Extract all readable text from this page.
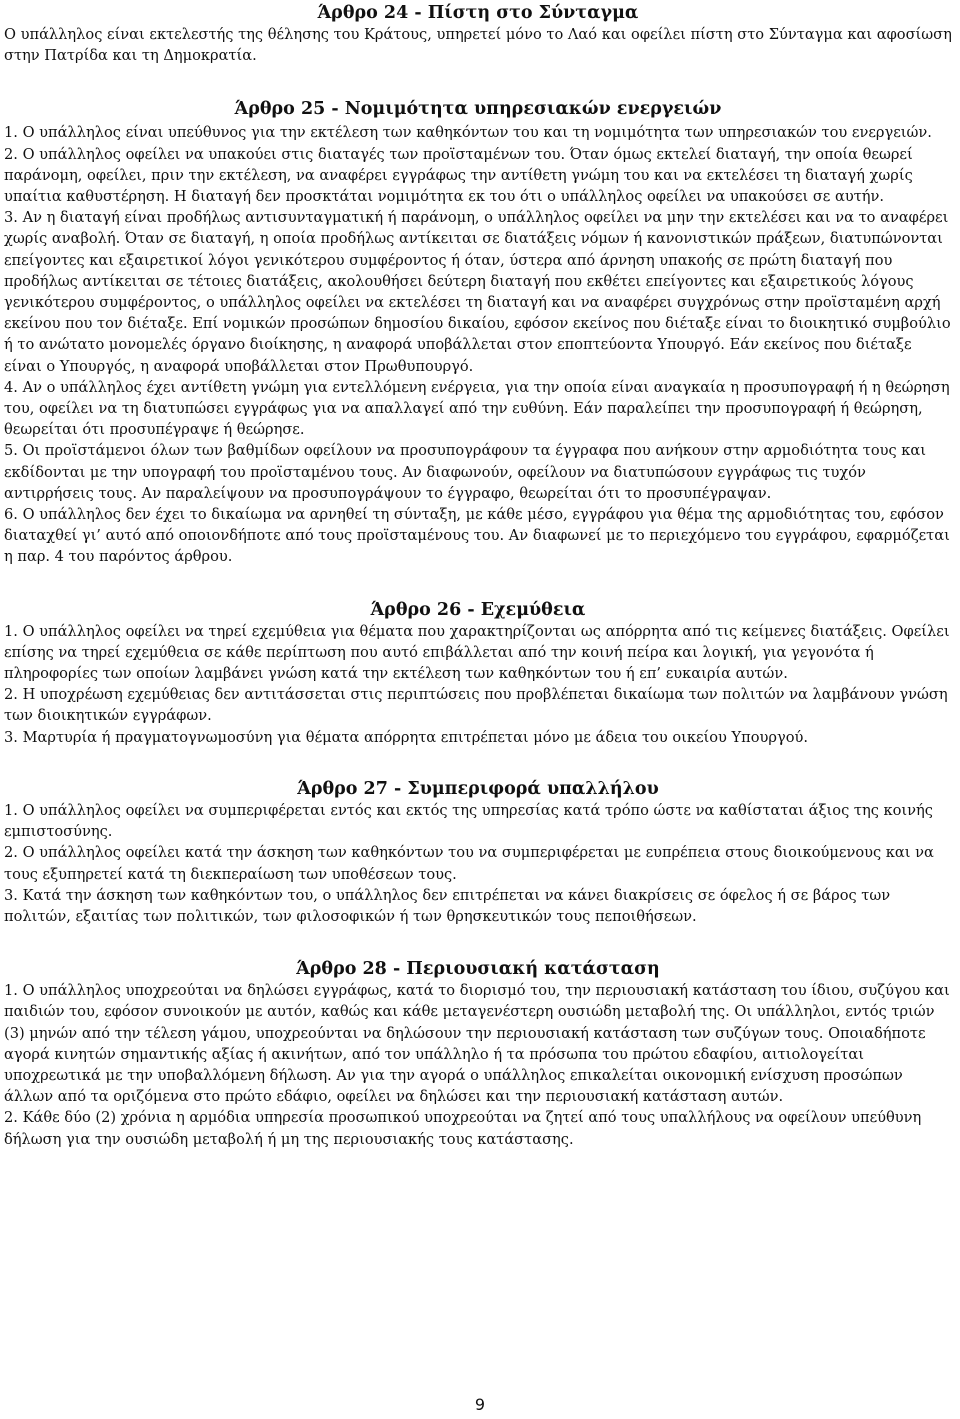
Άρθρο 24 - Πίστη στο Σύνταγμα

Ο υπάλληλος είναι εκτελεστής της θέλησης του Κράτους, υπηρετεί μόνο το Λαό και οφείλει πίστη στο Σύνταγμα και αφοσίωση στην Πατρίδα και τη Δημοκρατία.

Άρθρο 25 - Νομιμότητα υπηρεσιακών ενεργειών

1. Ο υπάλληλος είναι υπεύθυνος για την εκτέλεση των καθηκόντων του και τη νομιμότητα των υπηρεσιακών του ενεργειών.

2. Ο υπάλληλος οφείλει να υπακούει στις διαταγές των προϊσταμένων του. Όταν όμως εκτελεί διαταγή, την οποία θεωρεί παράνομη, οφείλει, πριν την εκτέλεση, να αναφέρει εγγράφως την αντίθετη γνώμη του και να εκτελέσει τη διαταγή χωρίς υπαίτια καθυστέρηση. Η διαταγή δεν προσκτάται νομιμότητα εκ του ότι ο υπάλληλος οφείλει να υπακούσει σε αυτήν.

3. Αν η διαταγή είναι προδήλως αντισυνταγματική ή παράνομη, ο υπάλληλος οφείλει να μην την εκτελέσει και να το αναφέρει χωρίς αναβολή. Όταν σε διαταγή, η οποία προδήλως αντίκειται σε διατάξεις νόμων ή κανονιστικών πράξεων, διατυπώνονται επείγοντες και εξαιρετικοί λόγοι γενικότερου συμφέροντος ή όταν, ύστερα από άρνηση υπακοής σε πρώτη διαταγή που προδήλως αντίκειται σε τέτοιες διατάξεις, ακολουθήσει δεύτερη διαταγή που εκθέτει επείγοντες και εξαιρετικούς λόγους γενικότερου συμφέροντος, ο υπάλληλος οφείλει να εκτελέσει τη διαταγή και να αναφέρει συγχρόνως στην προϊσταμένη αρχή εκείνου που τον διέταξε. Επί νομικών προσώπων δημοσίου δικαίου, εφόσον εκείνος που διέταξε είναι το διοικητικό συμβούλιο ή το ανώτατο μονομελές όργανο διοίκησης, η αναφορά υποβάλλεται στον εποπτεύοντα Υπουργό. Εάν εκείνος που διέταξε είναι ο Υπουργός, η αναφορά υποβάλλεται στον Πρωθυπουργό.

4. Αν ο υπάλληλος έχει αντίθετη γνώμη για εντελλόμενη ενέργεια, για την οποία είναι αναγκαία η προσυπογραφή ή η θεώρηση του, οφείλει να τη διατυπώσει εγγράφως για να απαλλαγεί από την ευθύνη. Εάν παραλείπει την προσυπογραφή ή θεώρηση, θεωρείται ότι προσυπέγραψε ή θεώρησε.

5. Οι προϊστάμενοι όλων των βαθμίδων οφείλουν να προσυπογράφουν τα έγγραφα που ανήκουν στην αρμοδιότητα τους και εκδίδονται με την υπογραφή του προϊσταμένου τους. Αν διαφωνούν, οφείλουν να διατυπώσουν εγγράφως τις τυχόν αντιρρήσεις τους. Αν παραλείψουν να προσυπογράψουν το έγγραφο, θεωρείται ότι το προσυπέγραψαν.

6. Ο υπάλληλος δεν έχει το δικαίωμα να αρνηθεί τη σύνταξη, με κάθε μέσο, εγγράφου για θέμα της αρμοδιότητας του, εφόσον διαταχθεί γι’ αυτό από οποιονδήποτε από τους προϊσταμένους του. Αν διαφωνεί με το περιεχόμενο του εγγράφου, εφαρμόζεται η παρ. 4 του παρόντος άρθρου.

Άρθρο 26 - Εχεμύθεια

1. Ο υπάλληλος οφείλει να τηρεί εχεμύθεια για θέματα που χαρακτηρίζονται ως απόρρητα από τις κείμενες διατάξεις. Οφείλει επίσης να τηρεί εχεμύθεια σε κάθε περίπτωση που αυτό επιβάλλεται από την κοινή πείρα και λογική, για γεγονότα ή πληροφορίες των οποίων λαμβάνει γνώση κατά την εκτέλεση των καθηκόντων του ή επ’ ευκαιρία αυτών.

2. Η υποχρέωση εχεμύθειας δεν αντιτάσσεται στις περιπτώσεις που προβλέπεται δικαίωμα των πολιτών να λαμβάνουν γνώση των διοικητικών εγγράφων.

3. Μαρτυρία ή πραγματογνωμοσύνη για θέματα απόρρητα επιτρέπεται μόνο με άδεια του οικείου Υπουργού.

Άρθρο 27 - Συμπεριφορά υπαλλήλου

1. Ο υπάλληλος οφείλει να συμπεριφέρεται εντός και εκτός της υπηρεσίας κατά τρόπο ώστε να καθίσταται άξιος της κοινής εμπιστοσύνης.

2. Ο υπάλληλος οφείλει κατά την άσκηση των καθηκόντων του να συμπεριφέρεται με ευπρέπεια στους διοικούμενους και να τους εξυπηρετεί κατά τη διεκπεραίωση των υποθέσεων τους.

3. Κατά την άσκηση των καθηκόντων του, ο υπάλληλος δεν επιτρέπεται να κάνει διακρίσεις σε όφελος ή σε βάρος των πολιτών, εξαιτίας των πολιτικών, των φιλοσοφικών ή των θρησκευτικών τους πεποιθήσεων.

Άρθρο 28 - Περιουσιακή κατάσταση

1. Ο υπάλληλος υποχρεούται να δηλώσει εγγράφως, κατά το διορισμό του, την περιουσιακή κατάσταση του ίδιου, συζύγου και παιδιών του, εφόσον συνοικούν με αυτόν, καθώς και κάθε μεταγενέστερη ουσιώδη μεταβολή της. Οι υπάλληλοι, εντός τριών (3) μηνών από την τέλεση γάμου, υποχρεούνται να δηλώσουν την περιουσιακή κατάσταση των συζύγων τους. Οποιαδήποτε αγορά κινητών σημαντικής αξίας ή ακινήτων, από τον υπάλληλο ή τα πρόσωπα του πρώτου εδαφίου, αιτιολογείται υποχρεωτικά με την υποβαλλόμενη δήλωση. Αν για την αγορά ο υπάλληλος επικαλείται οικονομική ενίσχυση προσώπων άλλων από τα οριζόμενα στο πρώτο εδάφιο, οφείλει να δηλώσει και την περιουσιακή κατάσταση αυτών.

2. Κάθε δύο (2) χρόνια η αρμόδια υπηρεσία προσωπικού υποχρεούται να ζητεί από τους υπαλλήλους να οφείλουν υπεύθυνη δήλωση για την ουσιώδη μεταβολή ή μη της περιουσιακής τους κατάστασης.

9
